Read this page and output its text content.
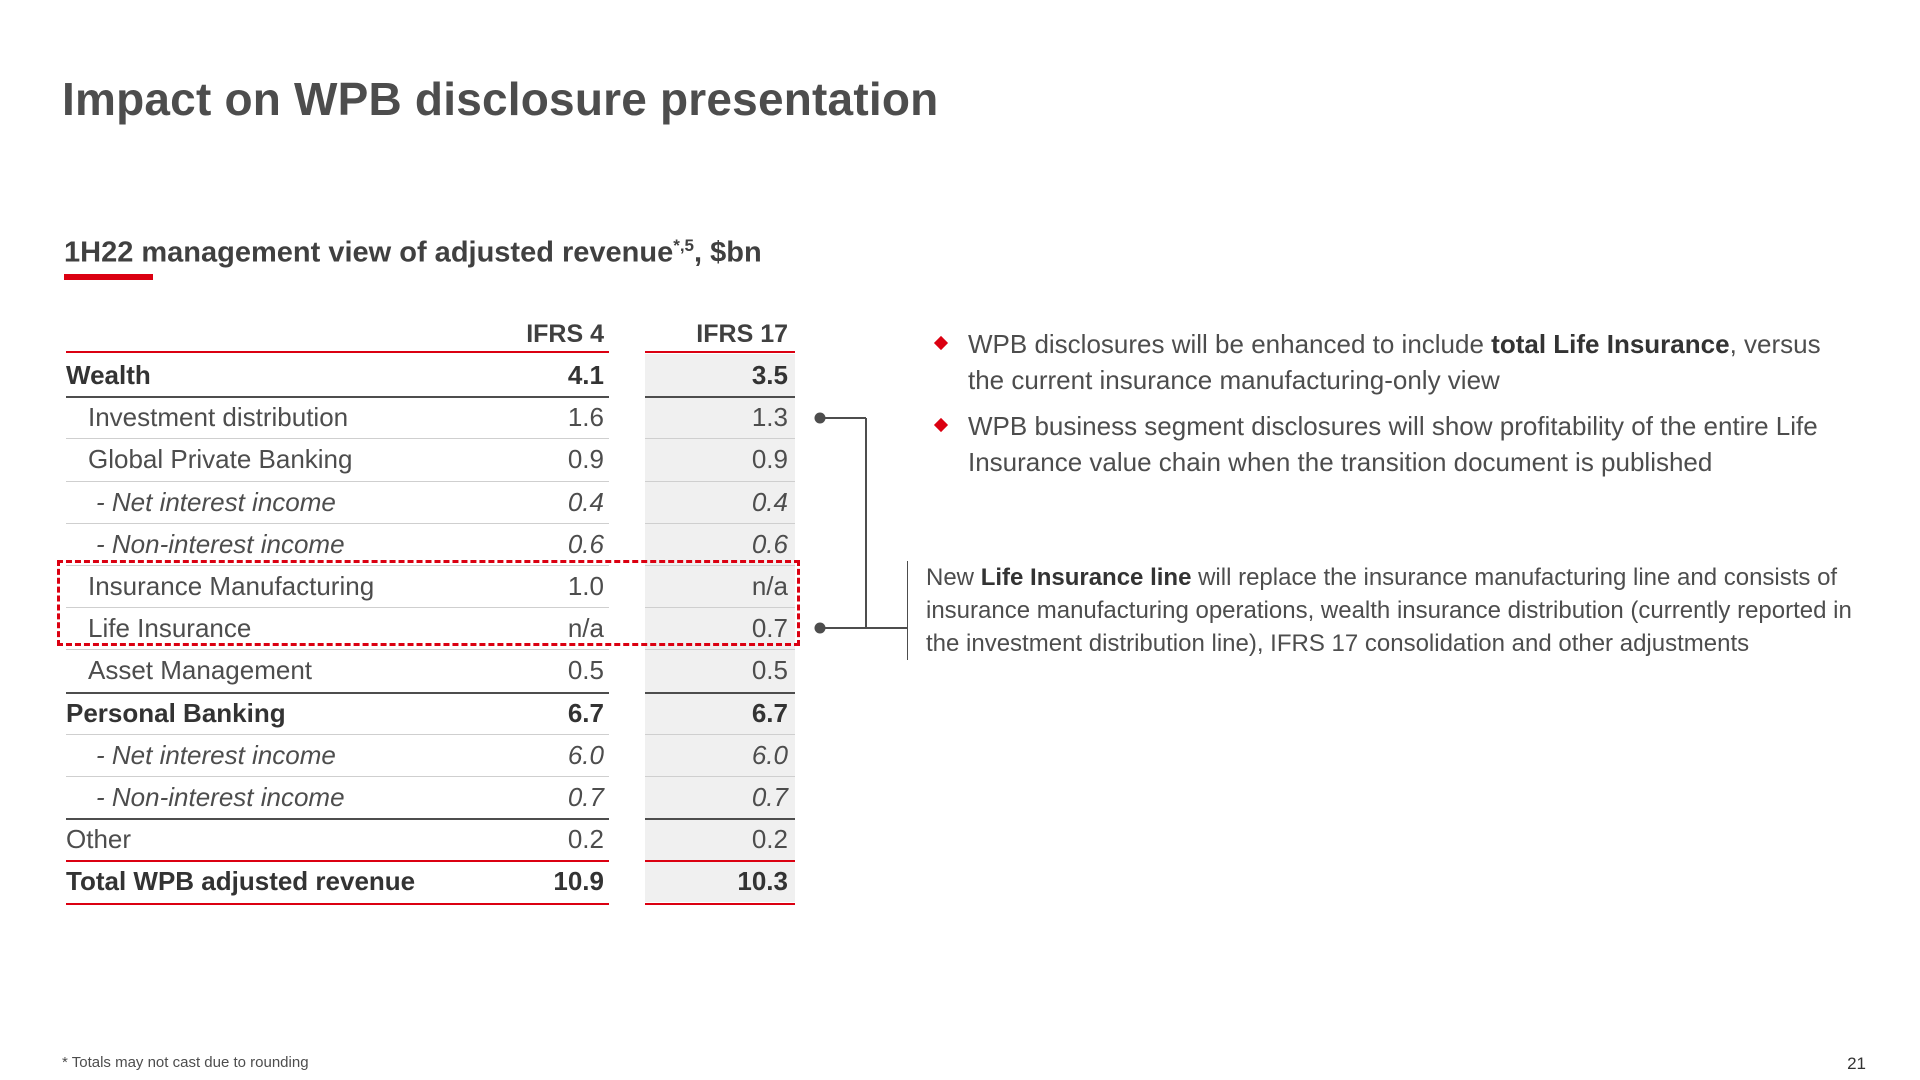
Impact on WPB disclosure presentation
1H22 management view of adjusted revenue$^{*,5}$, $bn
IFRS 4	IFRS 17
Wealth	4.1	3.5
Investment distribution	1.6	1.3
Global Private Banking	0.9	0.9
- Net interest income	0.4	0.4
- Non-interest income	0.6	0.6
Insurance Manufacturing	1.0	n/a
Life Insurance	n/a	0.7
Asset Management	0.5	0.5
Personal Banking	6.7	6.7
- Net interest income	6.0	6.0
- Non-interest income	0.7	0.7
Other	0.2	0.2
Total WPB adjusted revenue	10.9	10.3
WPB disclosures will be enhanced to include total Life Insurance, versus the current insurance manufacturing-only view
WPB business segment disclosures will show profitability of the entire Life Insurance value chain when the transition document is published
New Life Insurance line will replace the insurance manufacturing line and consists of insurance manufacturing operations, wealth insurance distribution (currently reported in the investment distribution line), IFRS 17 consolidation and other adjustments
* Totals may not cast due to rounding	21
